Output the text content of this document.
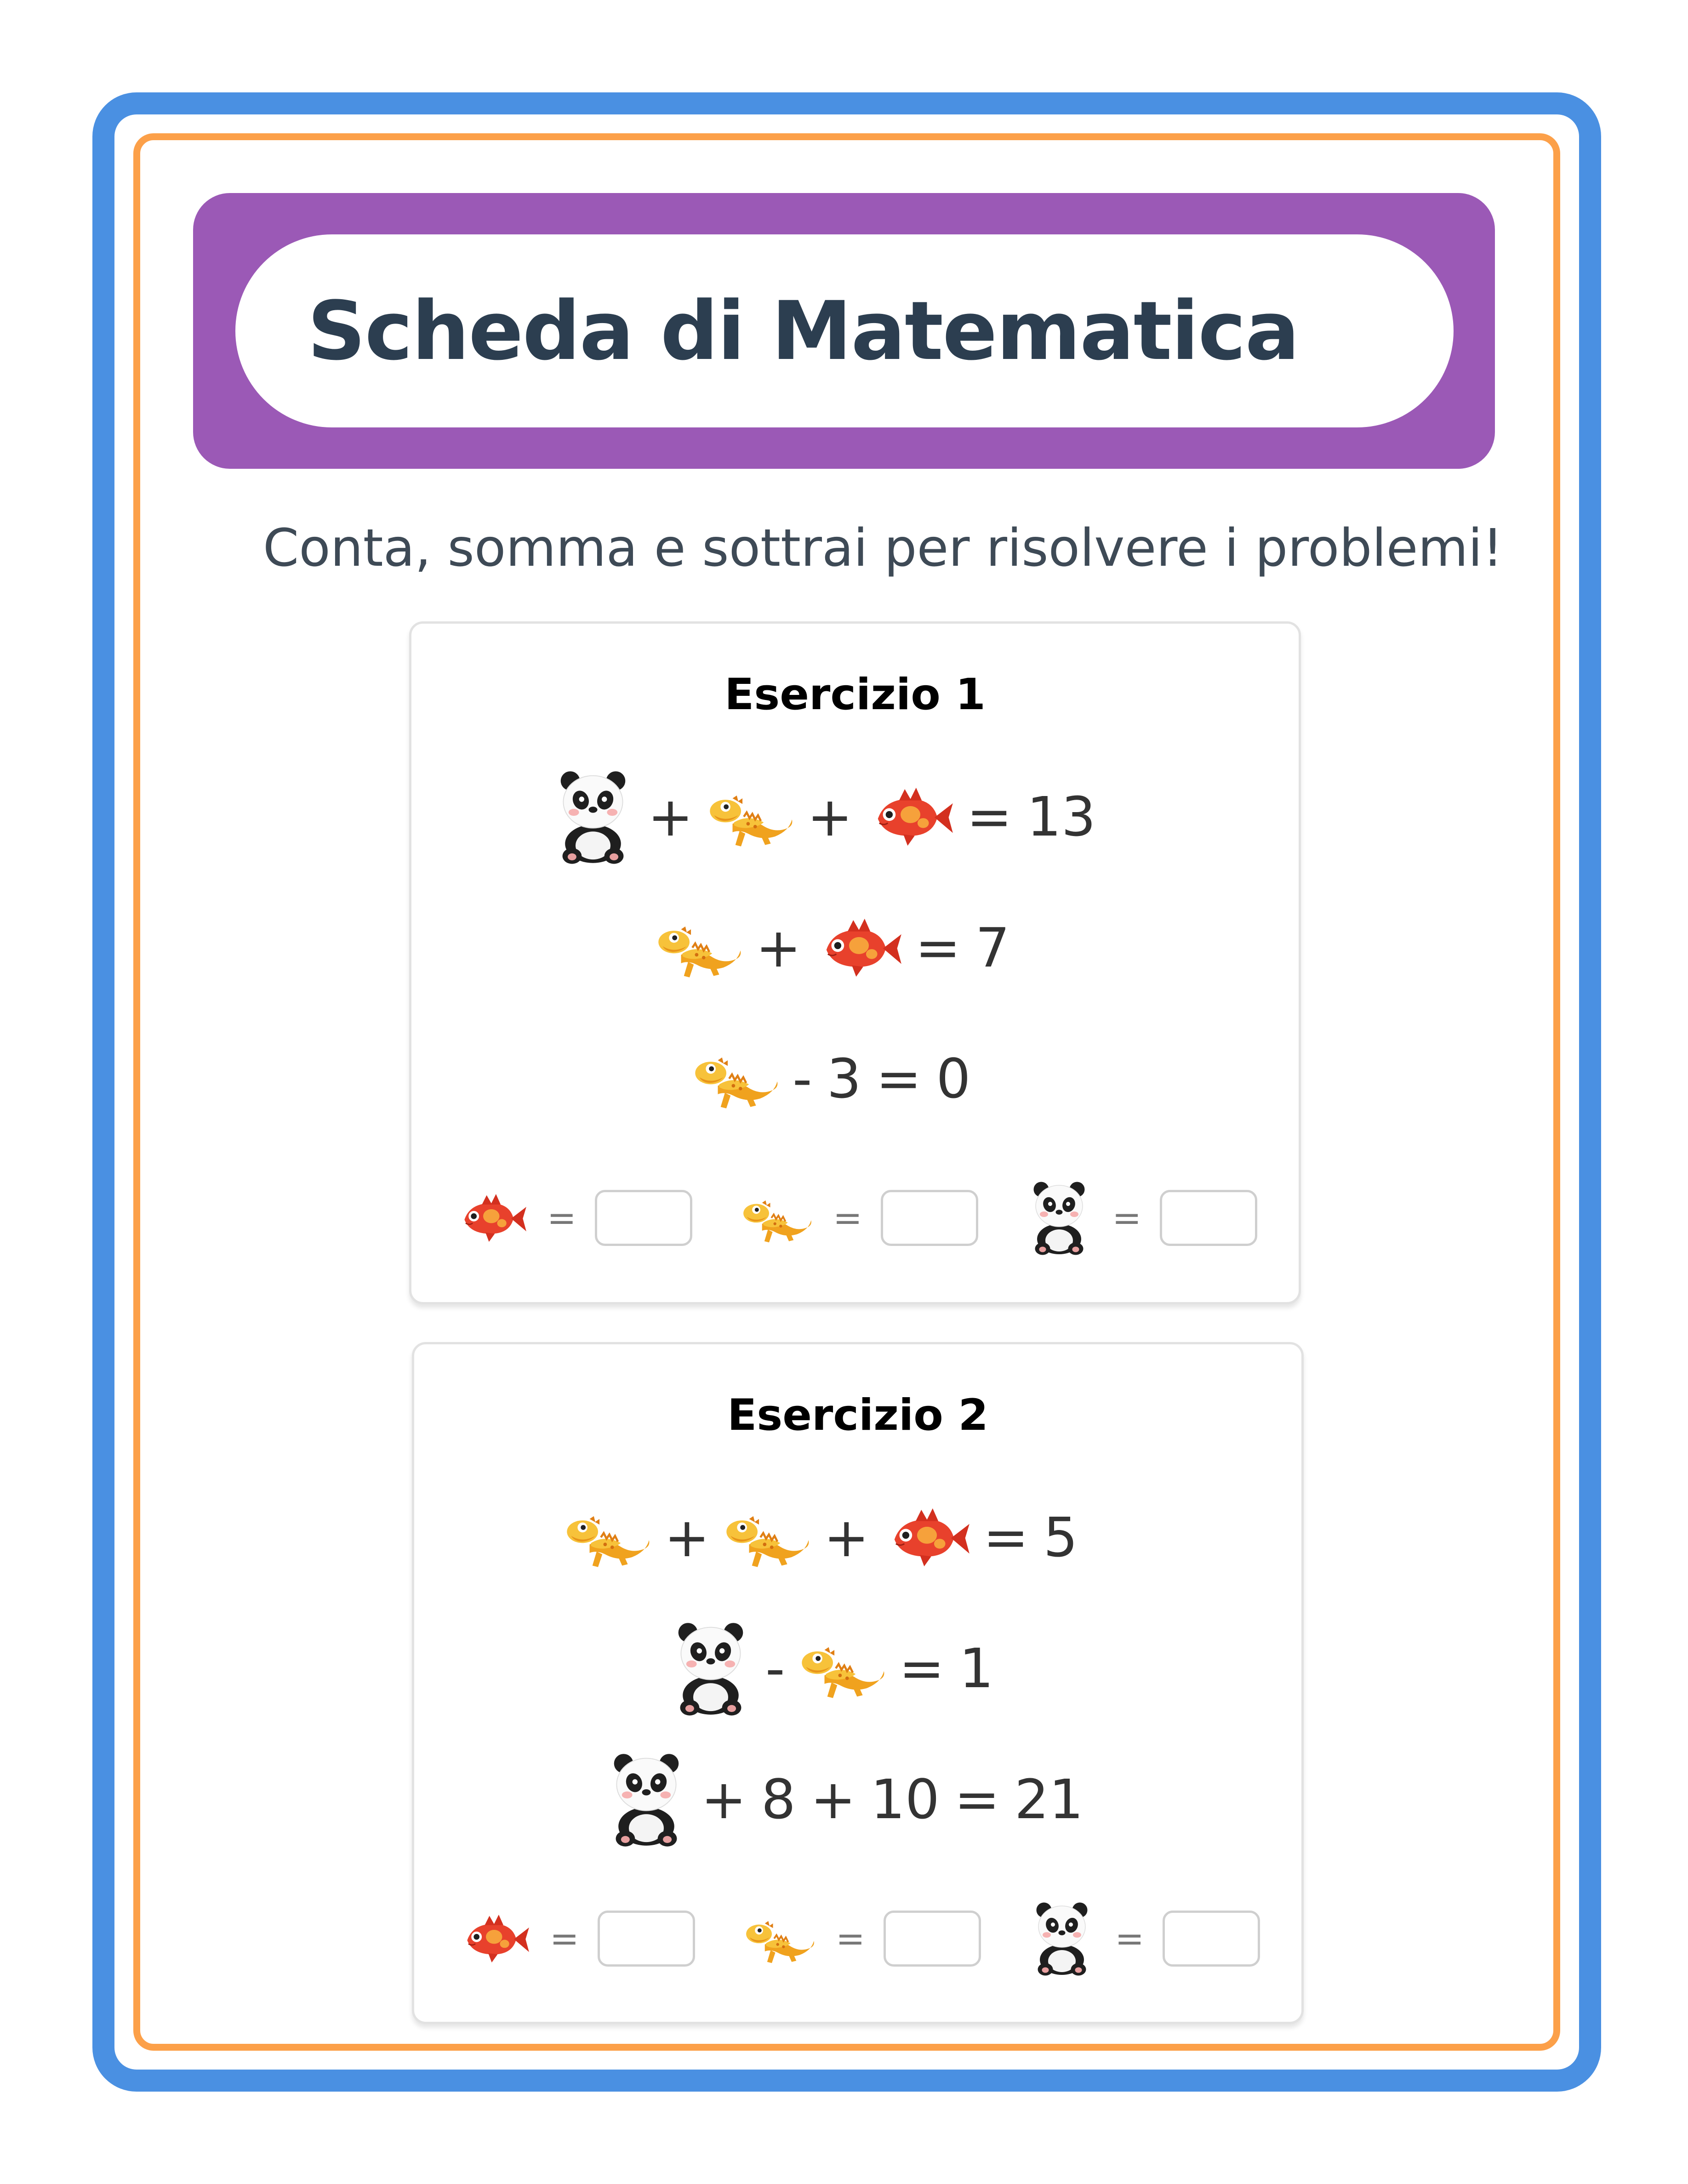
Scheda di Matematica

Conta, somma e sottrai per risolvere i problemi!

Esercizio 1
+ + = 13
+ = 7
- 3 = 0
=	=	=
Esercizio 2
+ + = 5
- = 1
+ 8 + 10 = 21
=	=	=
